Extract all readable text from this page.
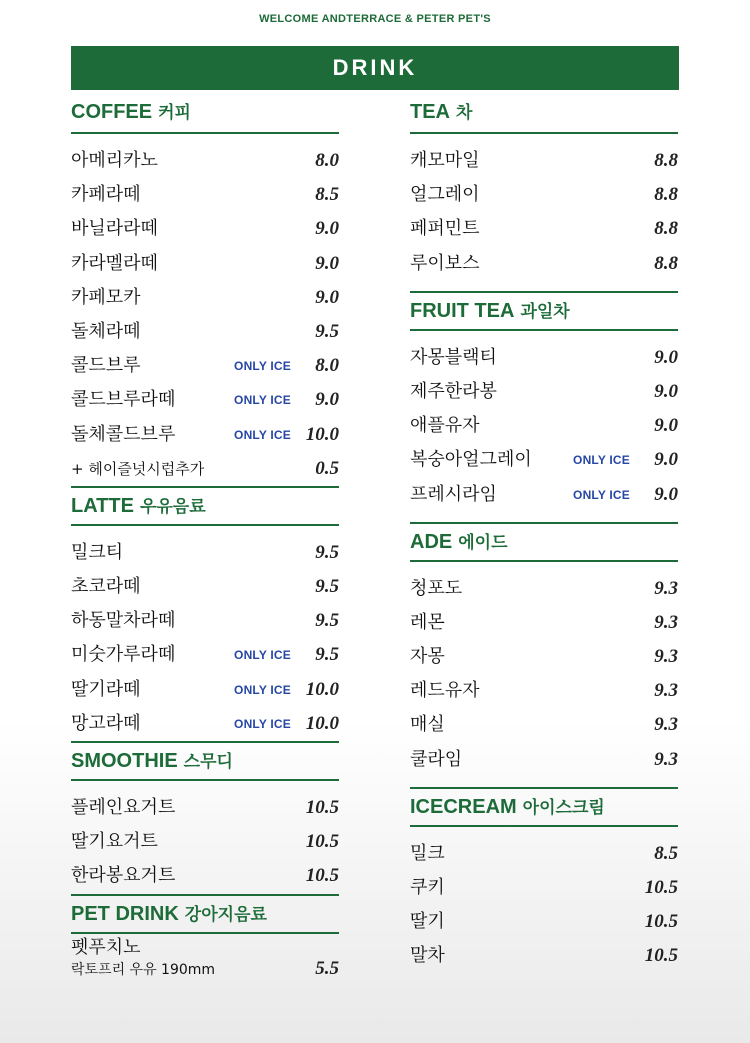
WELCOME ANDTERRACE & PETER PET'S
DRINK
COFFEE 커피
아메리카노	8.0
카페라떼	8.5
바닐라라떼	9.0
카라멜라떼	9.0
카페모카	9.0
돌체라떼	9.5
콜드브루	ONLY ICE 8.0
콜드브루라떼	ONLY ICE 9.0
돌체콜드브루	ONLY ICE 10.0
+ 헤이즐넛시럽추가	0.5
LATTE 우유음료
밀크티	9.5
초코라떼	9.5
하동말차라떼	9.5
미숫가루라떼	ONLY ICE 9.5
딸기라떼	ONLY ICE 10.0
망고라떼	ONLY ICE 10.0
SMOOTHIE 스무디
플레인요거트	10.5
딸기요거트	10.5
한라봉요거트	10.5
PET DRINK 강아지음료
펫푸치노
락토프리 우유 190mm	5.5
TEA 차
캐모마일	8.8
얼그레이	8.8
페퍼민트	8.8
루이보스	8.8
FRUIT TEA 과일차
자몽블랙티	9.0
제주한라봉	9.0
애플유자	9.0
복숭아얼그레이	ONLY ICE 9.0
프레시라임	ONLY ICE 9.0
ADE 에이드
청포도	9.3
레몬	9.3
자몽	9.3
레드유자	9.3
매실	9.3
쿨라임	9.3
ICECREAM 아이스크림
밀크	8.5
쿠키	10.5
딸기	10.5
말차	10.5
